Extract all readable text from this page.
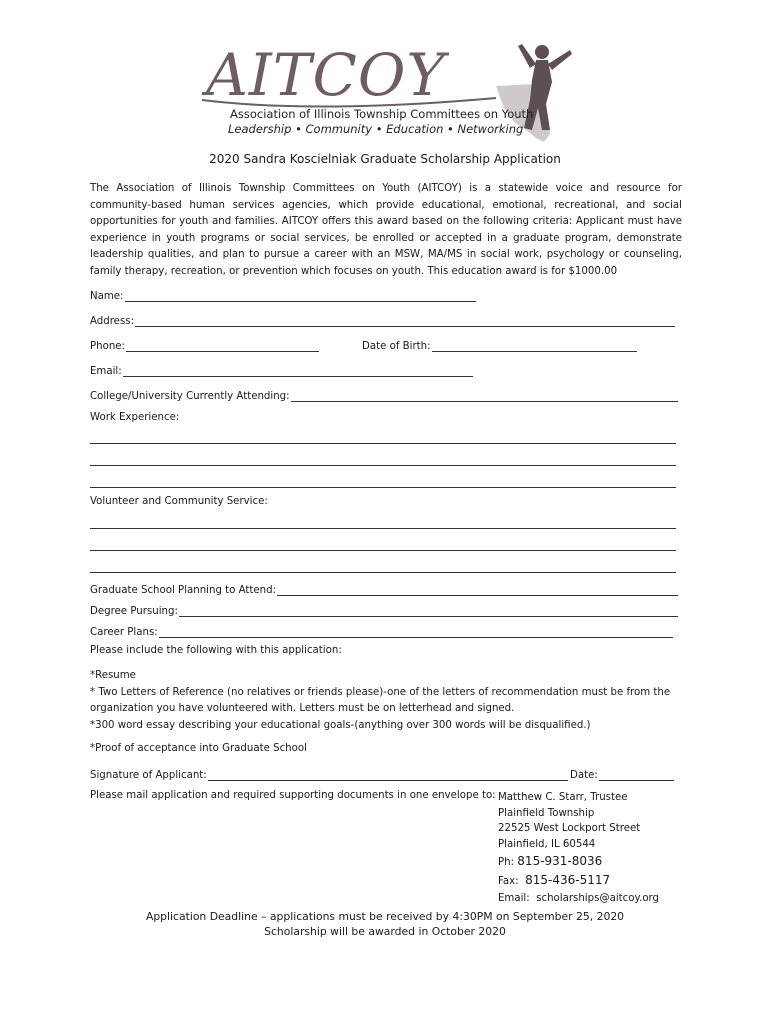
AITCOY
Association of Illinois Township Committees on Youth
Leadership • Community • Education • Networking
2020 Sandra Koscielniak Graduate Scholarship Application
The Association of Illinois Township Committees on Youth (AITCOY) is a statewide voice and resource for community-based human services agencies, which provide educational, emotional, recreational, and social opportunities for youth and families. AITCOY offers this award based on the following criteria: Applicant must have experience in youth programs or social services, be enrolled or accepted in a graduate program, demonstrate leadership qualities, and plan to pursue a career with an MSW, MA/MS in social work, psychology or counseling, family therapy, recreation, or prevention which focuses on youth. This education award is for $1000.00
Name:
Address:
Phone:	Date of Birth:
Email:
College/University Currently Attending:
Work Experience:
Volunteer and Community Service:
Graduate School Planning to Attend:
Degree Pursuing:
Career Plans:
Please include the following with this application:

*Resume

* Two Letters of Reference (no relatives or friends please)-one of the letters of recommendation must be from the organization you have volunteered with. Letters must be on letterhead and signed.

*300 word essay describing your educational goals-(anything over 300 words will be disqualified.)

*Proof of acceptance into Graduate School

Signature of Applicant:	Date:
Please mail application and required supporting documents in one envelope to: Matthew C. Starr, Trustee
Plainfield Township
22525 West Lockport Street
Plainfield, IL 60544
Ph: 815-931-8036
Fax: 815-436-5117
Email: scholarships@aitcoy.org
Application Deadline – applications must be received by 4:30PM on September 25, 2020
Scholarship will be awarded in October 2020
